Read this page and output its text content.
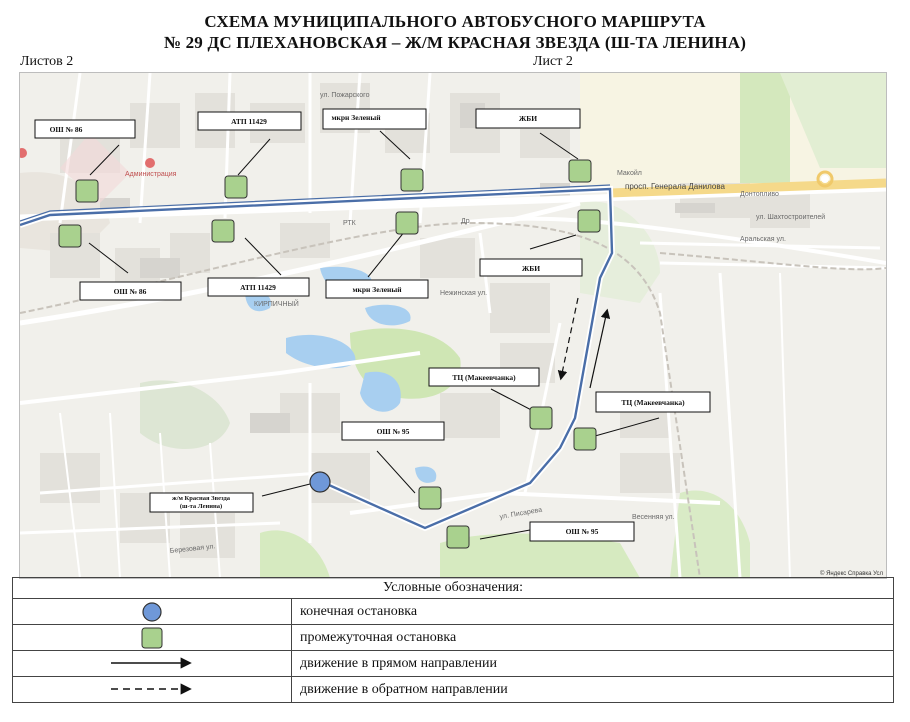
СХЕМА МУНИЦИПАЛЬНОГО АВТОБУСНОГО МАРШРУТА
№ 29 ДС ПЛЕХАНОВСКАЯ – Ж/М КРАСНАЯ ЗВЕЗДА (Ш-ТА ЛЕНИНА)
Листов 2	Лист 2
просп. Генерала Данилова
ул. Шахтостроителей
Аральская ул.
Нежинская ул.
ул. Писарева	Весенняя ул.
ул. Пожарского
Березовая ул.
Администрация	Макойл
Донтопливо
РТК
КИРПИЧНЫЙ
Др
© Яндекс Справка Усл
ОШ № 86
АТП 11429	мкрн Зеленый	ЖБИ
ОШ № 86	АТП 11429	мкрн Зеленый
ЖБИ
ТЦ (Макеевчанка)
ТЦ (Макеевчанка)
ОШ № 95
ОШ № 95
ж/м Красная Звезда (ш-та Ленина)
Условные обозначения:	
	конечная остановка
	промежуточная остановка
	движение в прямом направлении
	движение в обратном направлении
